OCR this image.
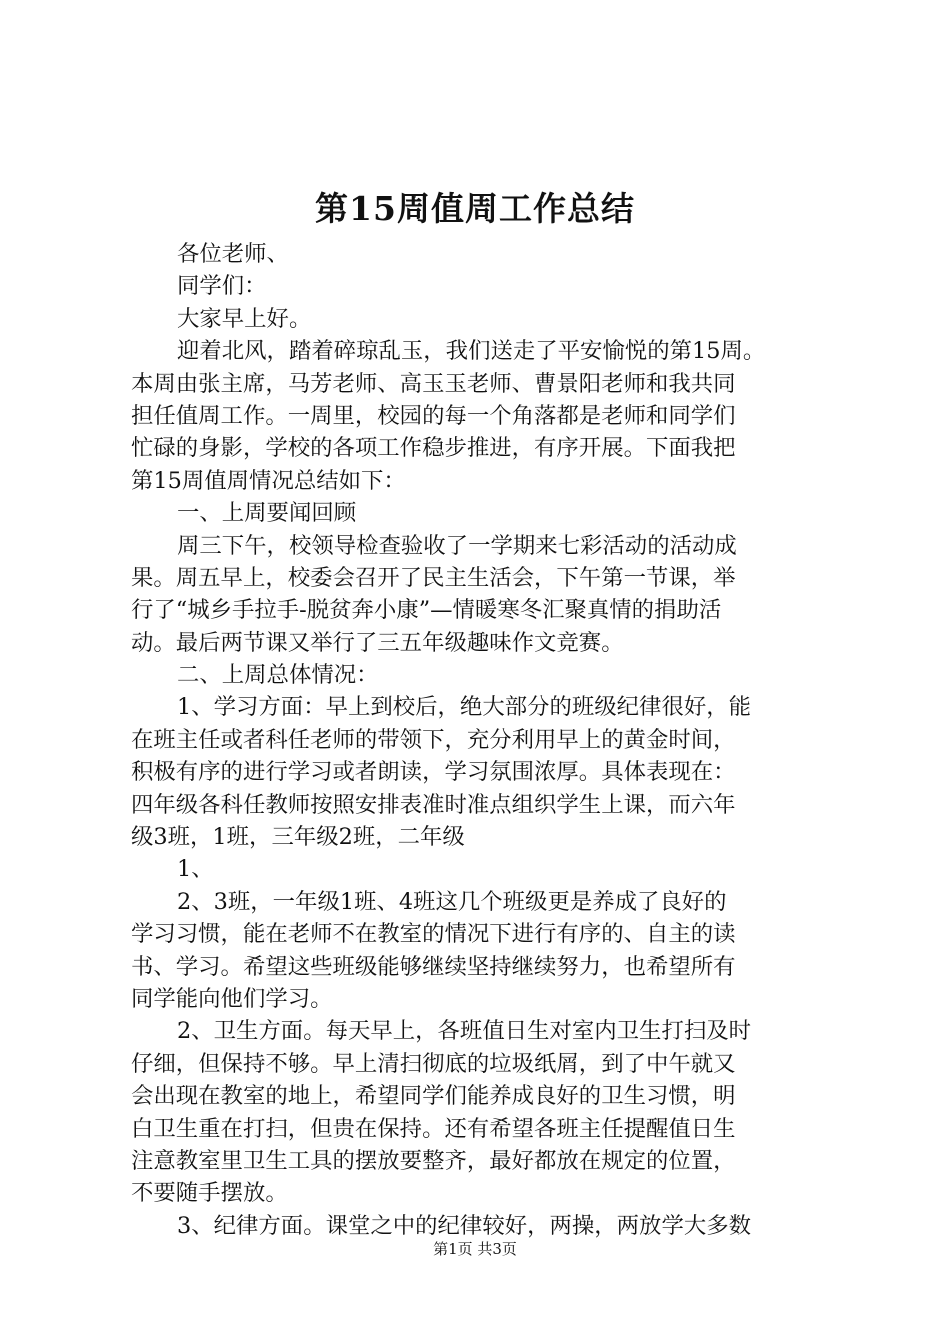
第15周值周工作总结
各位老师、
同学们：
大家早上好。
迎着北风，踏着碎琼乱玉，我们送走了平安愉悦的第15周。
本周由张主席，马芳老师、高玉玉老师、曹景阳老师和我共同
担任值周工作。一周里，校园的每一个角落都是老师和同学们
忙碌的身影，学校的各项工作稳步推进，有序开展。下面我把
第15周值周情况总结如下：
一、上周要闻回顾
周三下午，校领导检查验收了一学期来七彩活动的活动成
果。周五早上，校委会召开了民主生活会，下午第一节课，举
行了“城乡手拉手-脱贫奔小康”—情暖寒冬汇聚真情的捐助活
动。最后两节课又举行了三五年级趣味作文竞赛。
二、上周总体情况：
1、学习方面：早上到校后，绝大部分的班级纪律很好，能
在班主任或者科任老师的带领下，充分利用早上的黄金时间，
积极有序的进行学习或者朗读，学习氛围浓厚。具体表现在：
四年级各科任教师按照安排表准时准点组织学生上课，而六年
级3班，1班，三年级2班，二年级
1、
2、3班，一年级1班、4班这几个班级更是养成了良好的
学习习惯，能在老师不在教室的情况下进行有序的、自主的读
书、学习。希望这些班级能够继续坚持继续努力，也希望所有
同学能向他们学习。
2、卫生方面。每天早上，各班值日生对室内卫生打扫及时
仔细，但保持不够。早上清扫彻底的垃圾纸屑，到了中午就又
会出现在教室的地上，希望同学们能养成良好的卫生习惯，明
白卫生重在打扫，但贵在保持。还有希望各班主任提醒值日生
注意教室里卫生工具的摆放要整齐，最好都放在规定的位置，
不要随手摆放。
3、纪律方面。课堂之中的纪律较好，两操，两放学大多数
第1页 共3页
